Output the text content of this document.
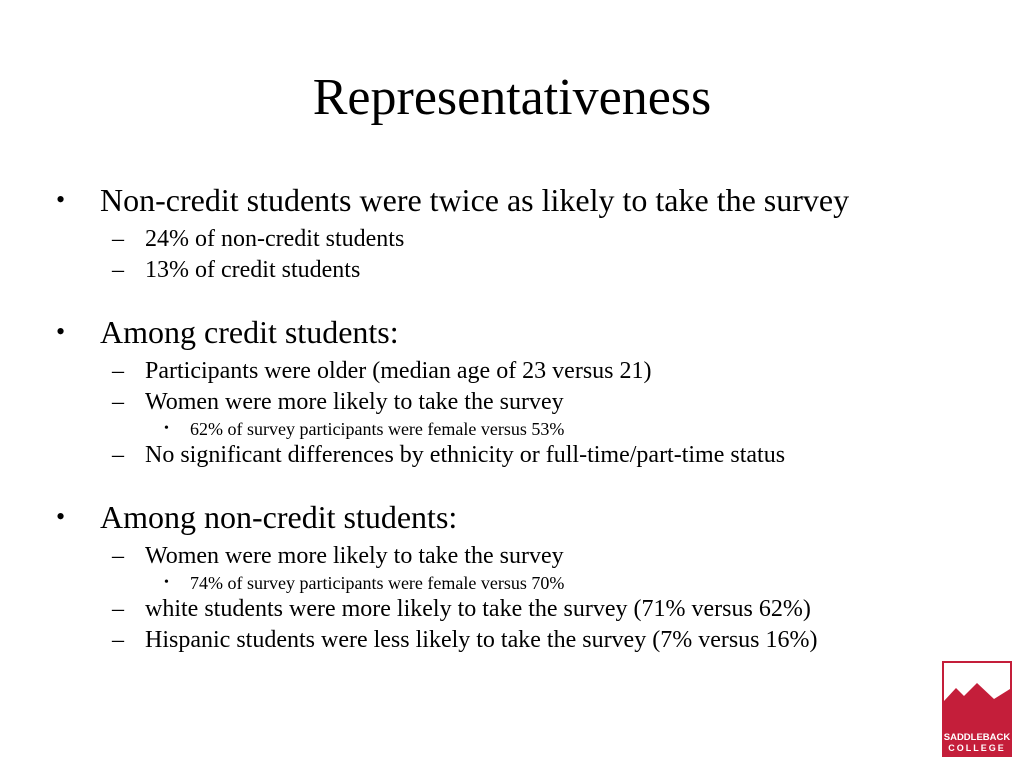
Representativeness
• Non-credit students were twice as likely to take the survey
– 24% of non-credit students
– 13% of credit students
• Among credit students:
– Participants were older (median age of 23 versus 21)
– Women were more likely to take the survey
• 62% of survey participants were female versus 53%
– No significant differences by ethnicity or full-time/part-time status
• Among non-credit students:
– Women were more likely to take the survey
• 74% of survey participants were female versus 70%
– white students were more likely to take the survey (71% versus 62%)
– Hispanic students were less likely to take the survey (7% versus 16%)
SADDLEBACK
COLLEGE
